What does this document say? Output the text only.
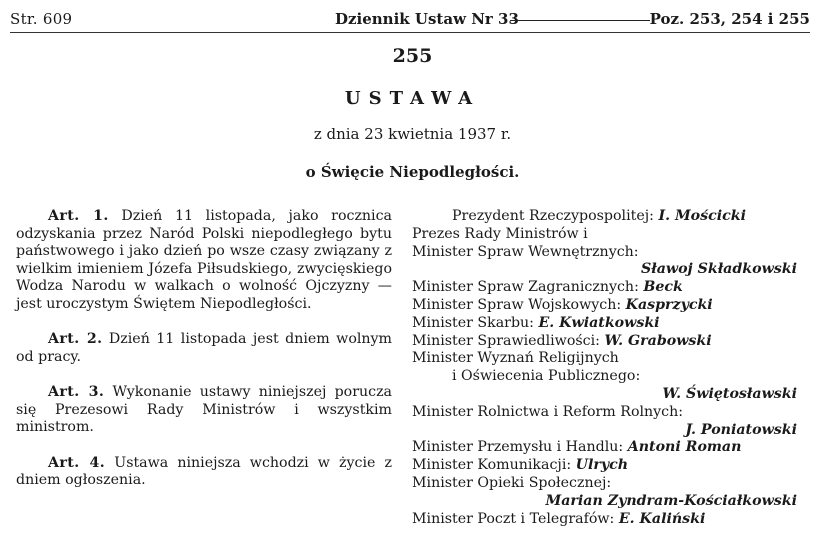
Str. 609	Dziennik Ustaw Nr 33	Poz. 253, 254 i 255
255
USTAWA
z dnia 23 kwietnia 1937 r.
o Święcie Niepodległości.

Art. 1. Dzień 11 listopada, jako rocznica odzyskania przez Naród Polski niepodległego bytu państwowego i jako dzień po wsze czasy związany z wielkim imieniem Józefa Piłsudskiego, zwycięskiego Wodza Narodu w walkach o wolność Ojczyzny — jest uroczystym Świętem Niepodległości.

Art. 2. Dzień 11 listopada jest dniem wolnym od pracy.

Art. 3. Wykonanie ustawy niniejszej porucza się Prezesowi Rady Ministrów i wszystkim ministrom.

Art. 4. Ustawa niniejsza wchodzi w życie z dniem ogłoszenia.

Prezydent Rzeczypospolitej: I. Mościcki
Prezes Rady Ministrów i
Minister Spraw Wewnętrznych:
Sławoj Składkowski
Minister Spraw Zagranicznych: Beck
Minister Spraw Wojskowych: Kasprzycki
Minister Skarbu: E. Kwiatkowski
Minister Sprawiedliwości: W. Grabowski
Minister Wyznań Religijnych
i Oświecenia Publicznego:
W. Świętosławski
Minister Rolnictwa i Reform Rolnych:
J. Poniatowski
Minister Przemysłu i Handlu: Antoni Roman
Minister Komunikacji: Ulrych
Minister Opieki Społecznej:
Marian Zyndram-Kościałkowski
Minister Poczt i Telegrafów: E. Kaliński
